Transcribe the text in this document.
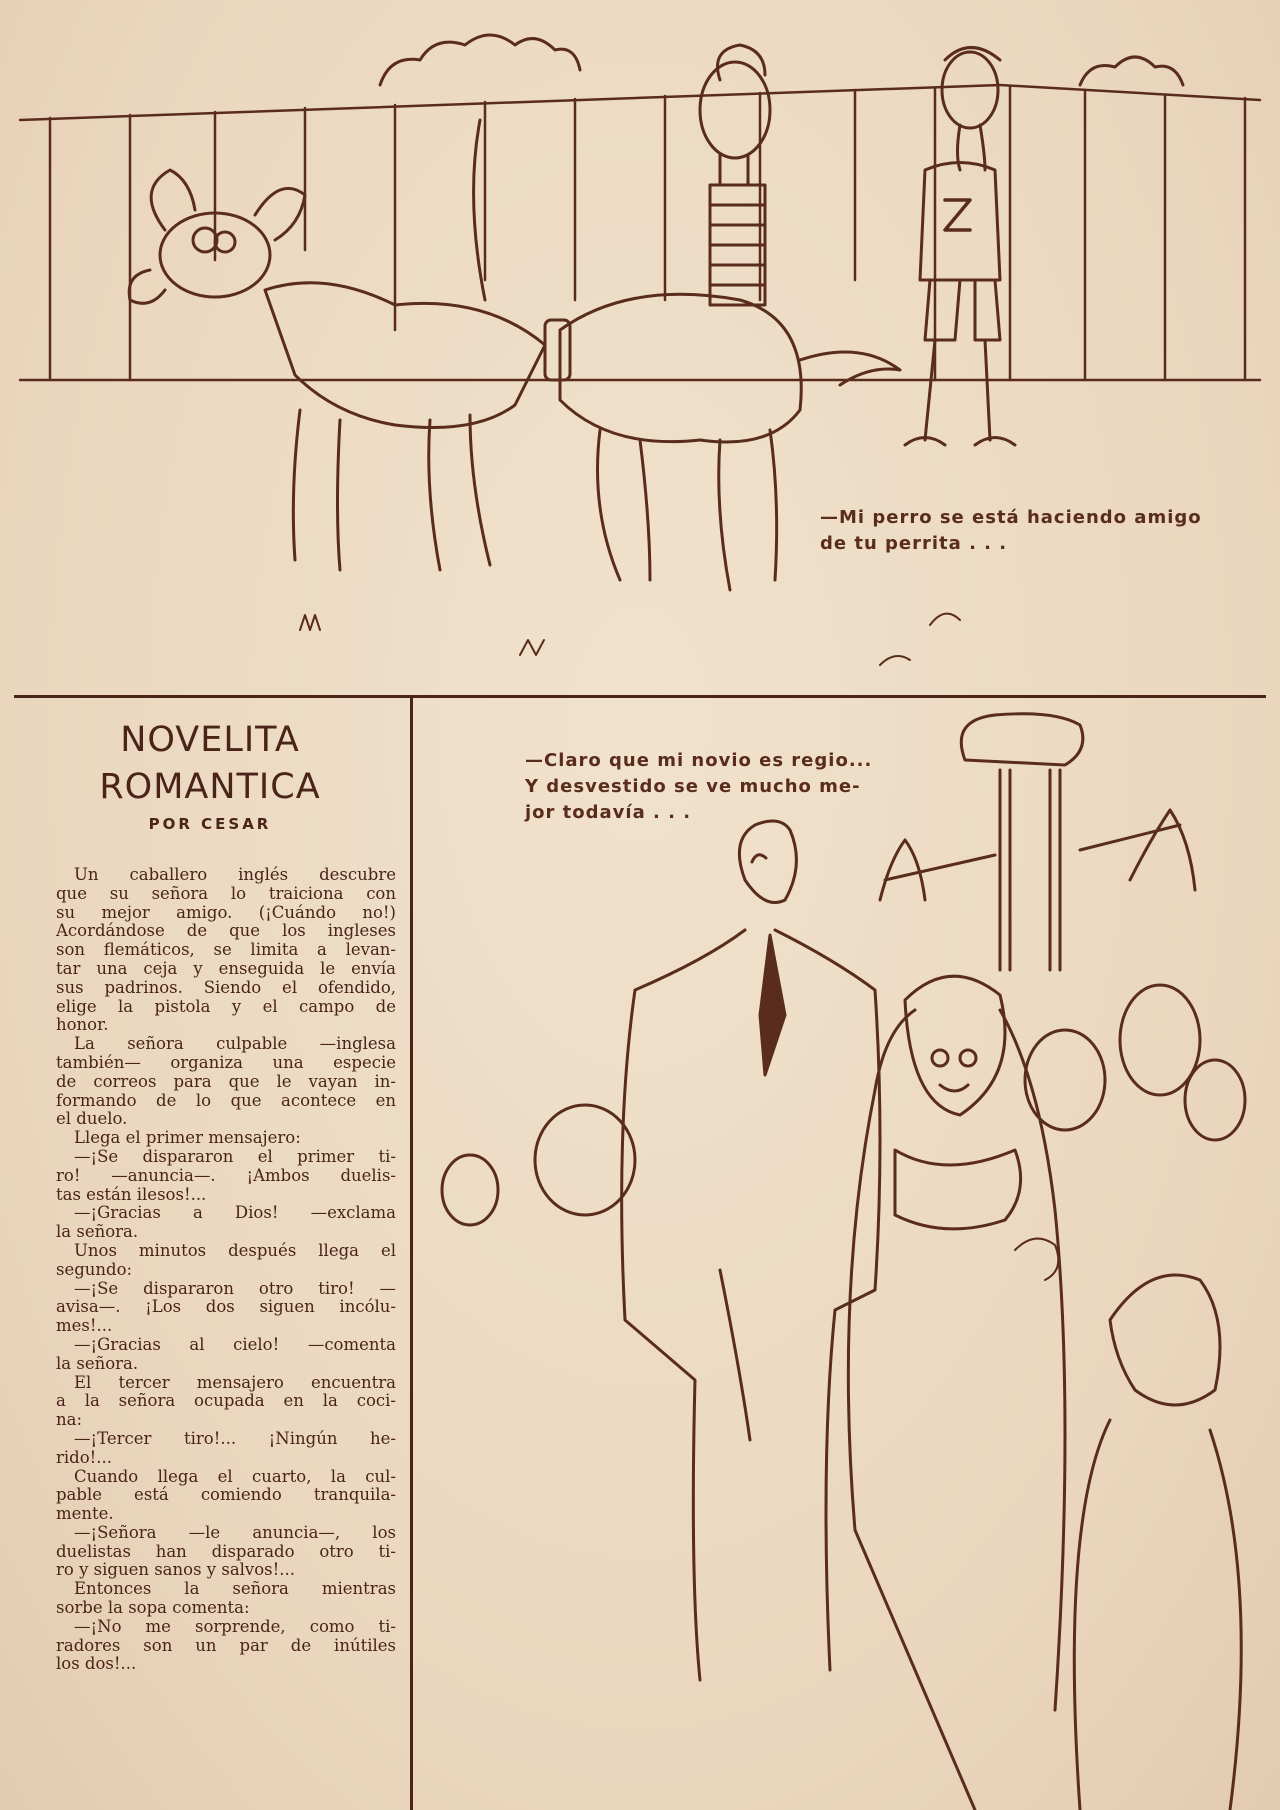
—Mi perro se está haciendo amigo
de tu perrita . . .
—Claro que mi novio es regio...
Y desvestido se ve mucho me-
jor todavía . . .
NOVELITA
ROMANTICA
POR CESAR
Un caballero inglés descubre
que su señora lo traiciona con
su mejor amigo. (¡Cuándo no!)
Acordándose de que los ingleses
son flemáticos, se limita a levan-
tar una ceja y enseguida le envía
sus padrinos. Siendo el ofendido,
elige la pistola y el campo de
honor.
La señora culpable —inglesa
también— organiza una especie
de correos para que le vayan in-
formando de lo que acontece en
el duelo.
Llega el primer mensajero:
—¡Se dispararon el primer ti-
ro! —anuncia—. ¡Ambos duelis-
tas están ilesos!...
—¡Gracias a Dios! —exclama
la señora.
Unos minutos después llega el
segundo:
—¡Se dispararon otro tiro! —
avisa—. ¡Los dos siguen incólu-
mes!...
—¡Gracias al cielo! —comenta
la señora.
El tercer mensajero encuentra
a la señora ocupada en la coci-
na:
—¡Tercer tiro!... ¡Ningún he-
rido!...
Cuando llega el cuarto, la cul-
pable está comiendo tranquila-
mente.
—¡Señora —le anuncia—, los
duelistas han disparado otro ti-
ro y siguen sanos y salvos!...
Entonces la señora mientras
sorbe la sopa comenta:
—¡No me sorprende, como ti-
radores son un par de inútiles
los dos!...
